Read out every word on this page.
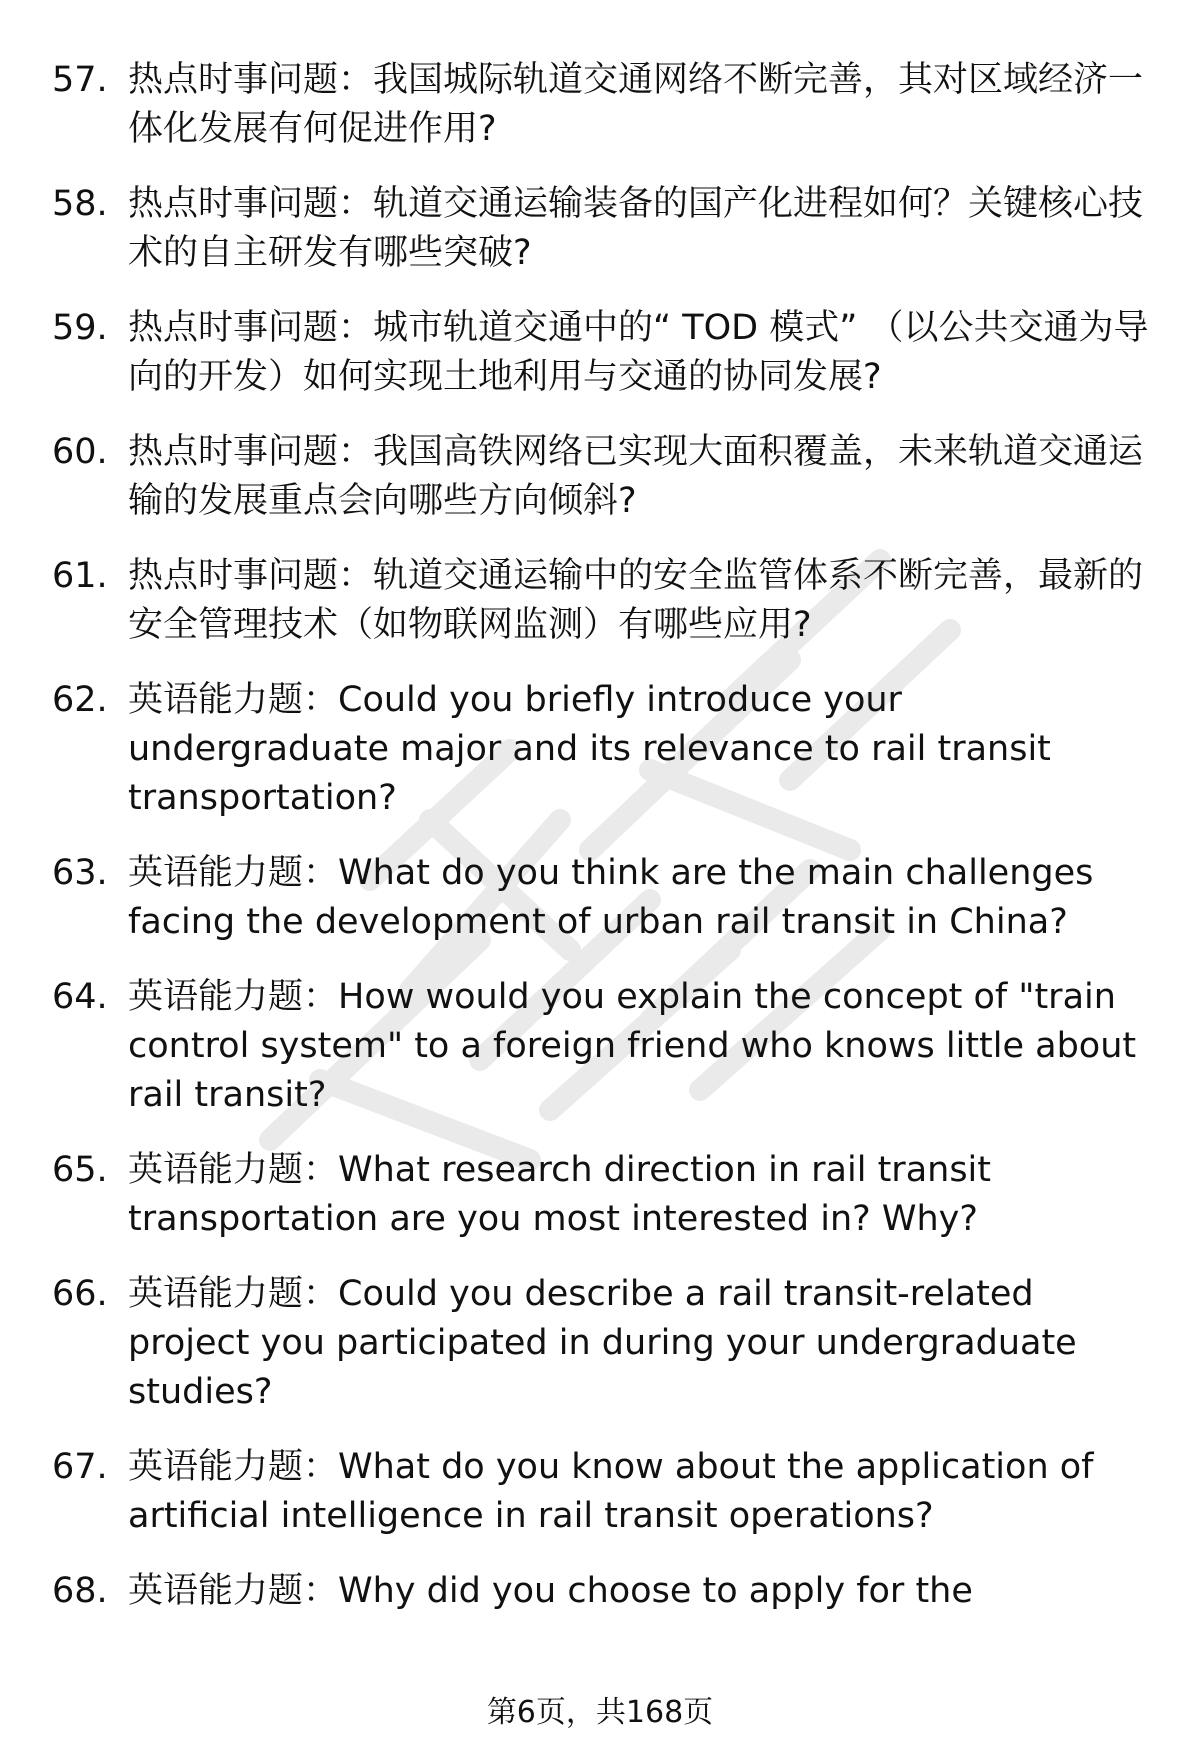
57. 热点时事问题：我国城际轨道交通网络不断完善，其对区域经济一体化发展有何促进作用?
58. 热点时事问题：轨道交通运输装备的国产化进程如何？关键核心技术的自主研发有哪些突破?
59. 热点时事问题：城市轨道交通中的“ TOD 模式” （以公共交通为导向的开发）如何实现土地利用与交通的协同发展?
60. 热点时事问题：我国高铁网络已实现大面积覆盖，未来轨道交通运输的发展重点会向哪些方向倾斜?
61. 热点时事问题：轨道交通运输中的安全监管体系不断完善，最新的安全管理技术（如物联网监测）有哪些应用?
62. 英语能力题：Could you briefly introduce your undergraduate major and its relevance to rail transit transportation?
63. 英语能力题：What do you think are the main challenges facing the development of urban rail transit in China?
64. 英语能力题：How would you explain the concept of "train control system" to a foreign friend who knows little about rail transit?
65. 英语能力题：What research direction in rail transit transportation are you most interested in? Why?
66. 英语能力题：Could you describe a rail transit-related project you participated in during your undergraduate studies?
67. 英语能力题：What do you know about the application of artificial intelligence in rail transit operations?
68. 英语能力题：Why did you choose to apply for the
第6页，共168页
